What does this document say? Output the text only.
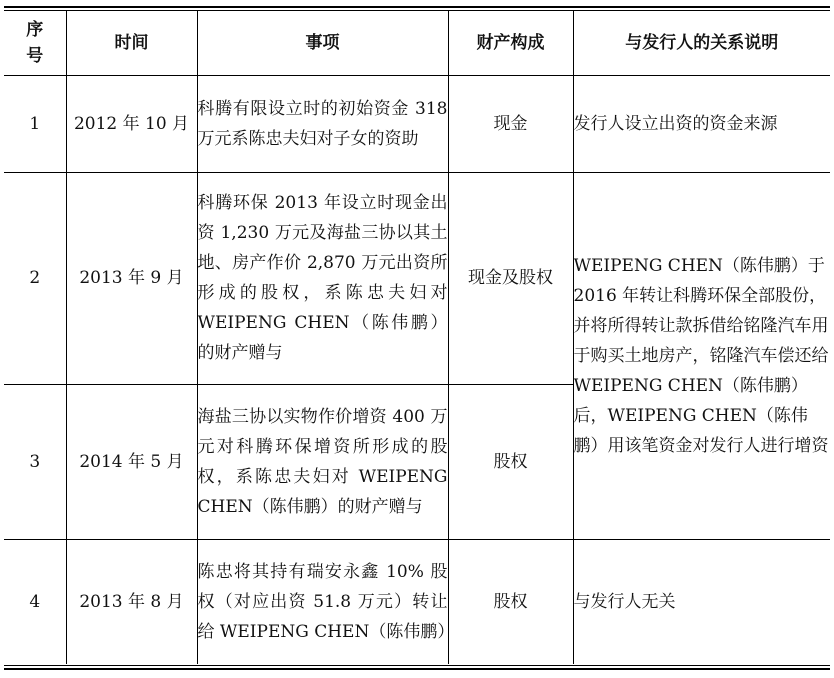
序
号	时间	事项	财产构成	与发行人的关系说明
1	2012 年 10 月	科腾有限设立时的初始资金 318 万元系陈忠夫妇对子女的资助	现金	发行人设立出资的资金来源
2	2013 年 9 月	科腾环保 2013 年设立时现金出资 1,230 万元及海盐三协以其土地、房产作价 2,870 万元出资所形成的股权，系陈忠夫妇对 WEIPENG CHEN（陈伟鹏）的财产赠与	现金及股权	WEIPENG CHEN（陈伟鹏）于 2016 年转让科腾环保全部股份，并将所得转让款拆借给铭隆汽车用于购买土地房产，铭隆汽车偿还给 WEIPENG CHEN（陈伟鹏）后，WEIPENG CHEN（陈伟鹏）用该笔资金对发行人进行增资
3	2014 年 5 月	海盐三协以实物作价增资 400 万元对科腾环保增资所形成的股权，系陈忠夫妇对 WEIPENG CHEN（陈伟鹏）的财产赠与	股权	
4	2013 年 8 月	陈忠将其持有瑞安永鑫 10% 股权（对应出资 51.8 万元）转让给 WEIPENG CHEN（陈伟鹏）	股权	与发行人无关
